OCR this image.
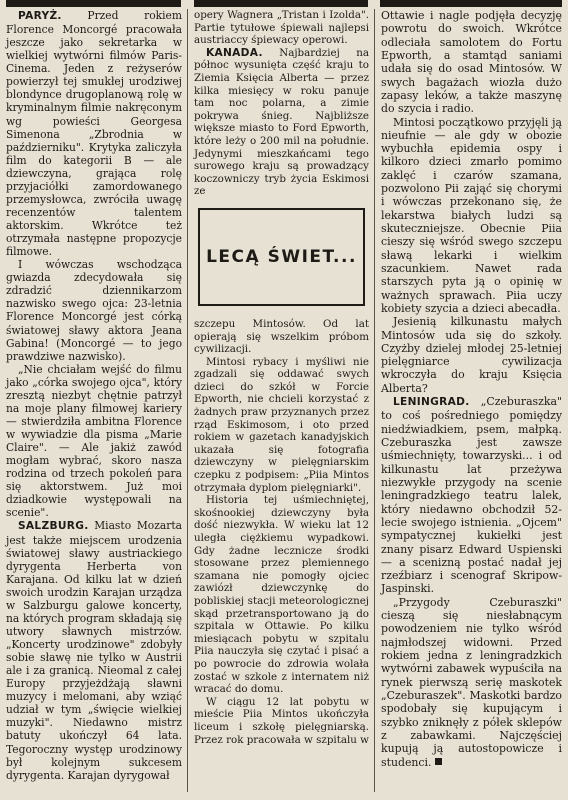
PARYŻ. Przed rokiem Florence Moncorgé pracowała jeszcze jako sekretarka w wielkiej wytwórni filmów Paris-Cinema. Jeden z reżyserów powierzył tej smukłej urodziwej blondynce drugoplanową rolę w kryminalnym filmie nakręconym wg powieści Georgesa Simenona „Zbrodnia w październiku". Krytyka zaliczyła film do kategorii B — ale dziewczyna, grająca rolę przyjaciółki zamordowanego przemysłowca, zwróciła uwagę recenzentów talentem aktorskim. Wkrótce też otrzymała następne propozycje filmowe.

I wówczas wschodząca gwiazda zdecydowała się zdradzić dziennikarzom nazwisko swego ojca: 23-letnia Florence Moncorgé jest córką światowej sławy aktora Jeana Gabina! (Moncorgé — to jego prawdziwe nazwisko).

„Nie chciałam wejść do filmu jako „córka swojego ojca", który zresztą niezbyt chętnie patrzył na moje plany filmowej kariery — stwierdziła ambitna Florence w wywiadzie dla pisma „Marie Claire". — Ale jakiż zawód mogłam wybrać, skoro nasza rodzina od trzech pokoleń para się aktorstwem. Już moi dziadkowie występowali na scenie".

SALZBURG. Miasto Mozarta jest także miejscem urodzenia światowej sławy austriackiego dyrygenta Herberta von Karajana. Od kilku lat w dzień swoich urodzin Karajan urządza w Salzburgu galowe koncerty, na których program składają się utwory sławnych mistrzów. „Koncerty urodzinowe" zdobyły sobie sławę nie tylko w Austrii ale i za granicą. Nieomal z całej Europy przyjeżdżają sławni muzycy i melomani, aby wziąć udział w tym „święcie wielkiej muzyki". Niedawno mistrz batuty ukończył 64 lata. Tegoroczny występ urodzinowy był kolejnym sukcesem dyrygenta. Karajan dyrygował

opery Wagnera „Tristan i Izolda". Partie tytułowe śpiewali najlepsi austriaccy śpiewacy operowi.

KANADA. Najbardziej na północ wysunięta część kraju to Ziemia Księcia Alberta — przez kilka miesięcy w roku panuje tam noc polarna, a zimie pokrywa śnieg. Najbliższe większe miasto to Ford Epworth, które leży o 200 mil na południe. Jedynymi mieszkańcami tego surowego kraju są prowadzący koczowniczy tryb życia Eskimosi ze

LECĄ ŚWIET...

szczepu Mintosów. Od lat opierają się wszelkim próbom cywilizacji.

Mintosi rybacy i myśliwi nie zgadzali się oddawać swych dzieci do szkół w Forcie Epworth, nie chcieli korzystać z żadnych praw przyznanych przez rząd Eskimosom, i oto przed rokiem w gazetach kanadyjskich ukazała się fotografia dziewczyny w pielęgniarskim czepku z podpisem: „Piia Mintos otrzymała dyplom pielęgniarki".

Historia tej uśmiechniętej, skośnookiej dziewczyny była dość niezwykła. W wieku lat 12 uległa ciężkiemu wypadkowi. Gdy żadne lecznicze środki stosowane przez plemiennego szamana nie pomogły ojciec zawiózł dziewczynkę do pobliskiej stacji meteorologicznej skąd przetransportowano ją do szpitala w Ottawie. Po kilku miesiącach pobytu w szpitalu Piia nauczyła się czytać i pisać a po powrocie do zdrowia wolała zostać w szkole z internatem niż wracać do domu.

W ciągu 12 lat pobytu w mieście Piia Mintos ukończyła liceum i szkołę pielęgniarską. Przez rok pracowała w szpitalu w

Ottawie i nagle podjęła decyzję powrotu do swoich. Wkrótce odleciała samolotem do Fortu Epworth, a stamtąd saniami udała się do osad Mintosów. W swych bagażach wiozła dużo zapasy leków, a także maszynę do szycia i radio.

Mintosi początkowo przyjęli ją nieufnie — ale gdy w obozie wybuchła epidemia ospy i kilkoro dzieci zmarło pomimo zaklęć i czarów szamana, pozwolono Pii zająć się chorymi i wówczas przekonano się, że lekarstwa białych ludzi są skuteczniejsze. Obecnie Piia cieszy się wśród swego szczepu sławą lekarki i wielkim szacunkiem. Nawet rada starszych pyta ją o opinię w ważnych sprawach. Piia uczy kobiety szycia a dzieci abecadła.

Jesienią kilkunastu małych Mintosów uda się do szkoły. Czyżby dzielej młodej 25-letniej pielęgniarce cywilizacja wkroczyła do kraju Księcia Alberta?

LENINGRAD. „Czeburaszka" to coś pośredniego pomiędzy niedźwiadkiem, psem, małpką. Czeburaszka jest zawsze uśmiechnięty, towarzyski... i od kilkunastu lat przeżywa niezwykłe przygody na scenie leningradzkiego teatru lalek, który niedawno obchodził 52-lecie swojego istnienia. „Ojcem" sympatycznej kukiełki jest znany pisarz Edward Uspienski — a scenizną postać nadał jej rzeźbiarz i scenograf Skripow-Jaspinski.

„Przygody Czeburaszki" cieszą się niesłabnącym powodzeniem nie tylko wśród najmłodszej widowni. Przed rokiem jedna z leningradzkich wytwórni zabawek wypuściła na rynek pierwszą serię maskotek „Czeburaszek". Maskotki bardzo spodobały się kupującym i szybko zniknęły z półek sklepów z zabawkami. Najczęściej kupują ją autostopowicze i studenci.
